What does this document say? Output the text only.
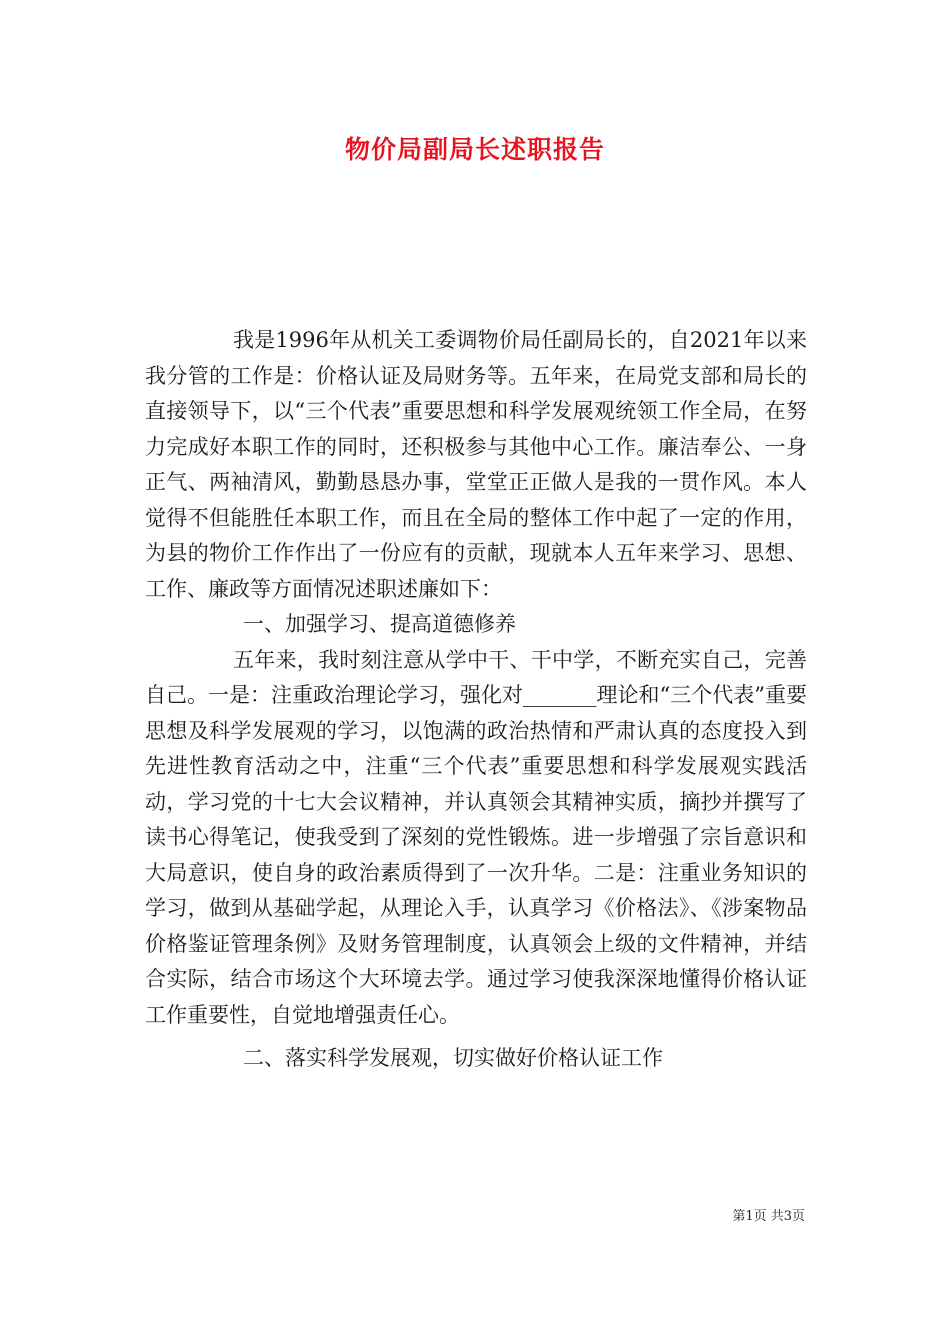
物价局副局长述职报告

我是1996年从机关工委调物价局任副局长的，自2021年以来我分管的工作是：价格认证及局财务等。五年来，在局党支部和局长的直接领导下，以“三个代表”重要思想和科学发展观统领工作全局，在努力完成好本职工作的同时，还积极参与其他中心工作。廉洁奉公、一身正气、两袖清风，勤勤恳恳办事，堂堂正正做人是我的一贯作风。本人觉得不但能胜任本职工作，而且在全局的整体工作中起了一定的作用，为县的物价工作作出了一份应有的贡献，现就本人五年来学习、思想、工作、廉政等方面情况述职述廉如下：

一、加强学习、提高道德修养

五年来，我时刻注意从学中干、干中学，不断充实自己，完善自己。一是：注重政治理论学习，强化对_______理论和“三个代表”重要思想及科学发展观的学习，以饱满的政治热情和严肃认真的态度投入到先进性教育活动之中，注重“三个代表”重要思想和科学发展观实践活动，学习党的十七大会议精神，并认真领会其精神实质，摘抄并撰写了读书心得笔记，使我受到了深刻的党性锻炼。进一步增强了宗旨意识和大局意识，使自身的政治素质得到了一次升华。二是：注重业务知识的学习，做到从基础学起，从理论入手，认真学习《价格法》、《涉案物品价格鉴证管理条例》及财务管理制度，认真领会上级的文件精神，并结合实际，结合市场这个大环境去学。通过学习使我深深地懂得价格认证工作重要性，自觉地增强责任心。

二、落实科学发展观，切实做好价格认证工作

第1页 共3页
